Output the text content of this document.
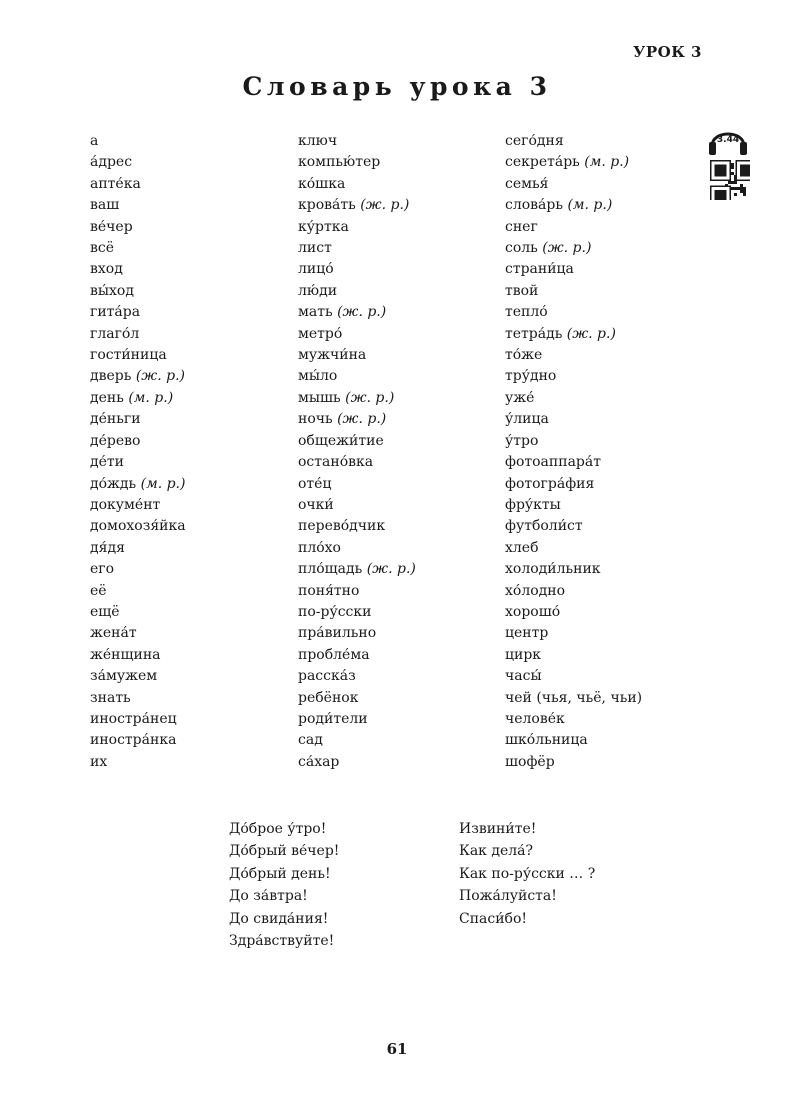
УРОК 3
Словарь урока 3
3.44
а
а́дрес
апте́ка
ваш
ве́чер
всё
вход
вы́ход
гита́ра
глаго́л
гости́ница
дверь (ж. р.)
день (м. р.)
де́ньги
де́рево
де́ти
до́ждь (м. р.)
докуме́нт
домохозя́йка
дя́дя
его
её
ещё
жена́т
же́нщина
за́мужем
знать
иностра́нец
иностра́нка
их
ключ
компью́тер
ко́шка
крова́ть (ж. р.)
ку́ртка
лист
лицо́
лю́ди
мать (ж. р.)
метро́
мужчи́на
мы́ло
мышь (ж. р.)
ночь (ж. р.)
общежи́тие
остано́вка
оте́ц
очки́
перево́дчик
пло́хо
пло́щадь (ж. р.)
поня́тно
по-ру́сски
пра́вильно
пробле́ма
расска́з
ребёнок
роди́тели
сад
са́хар
сего́дня
секрета́рь (м. р.)
семья́
слова́рь (м. р.)
снег
соль (ж. р.)
страни́ца
твой
тепло́
тетра́дь (ж. р.)
то́же
тру́дно
уже́
у́лица
у́тро
фотоаппара́т
фотогра́фия
фру́кты
футболи́ст
хлеб
холоди́льник
хо́лодно
хорошо́
центр
цирк
часы́
чей (чья, чьё, чьи)
челове́к
шко́льница
шофёр
До́брое у́тро!
До́брый ве́чер!
До́брый день!
До за́втра!
До свида́ния!
Здра́вствуйте!
Извини́те!
Как дела́?
Как по-ру́сски … ?
Пожа́луйста!
Спаси́бо!
61
